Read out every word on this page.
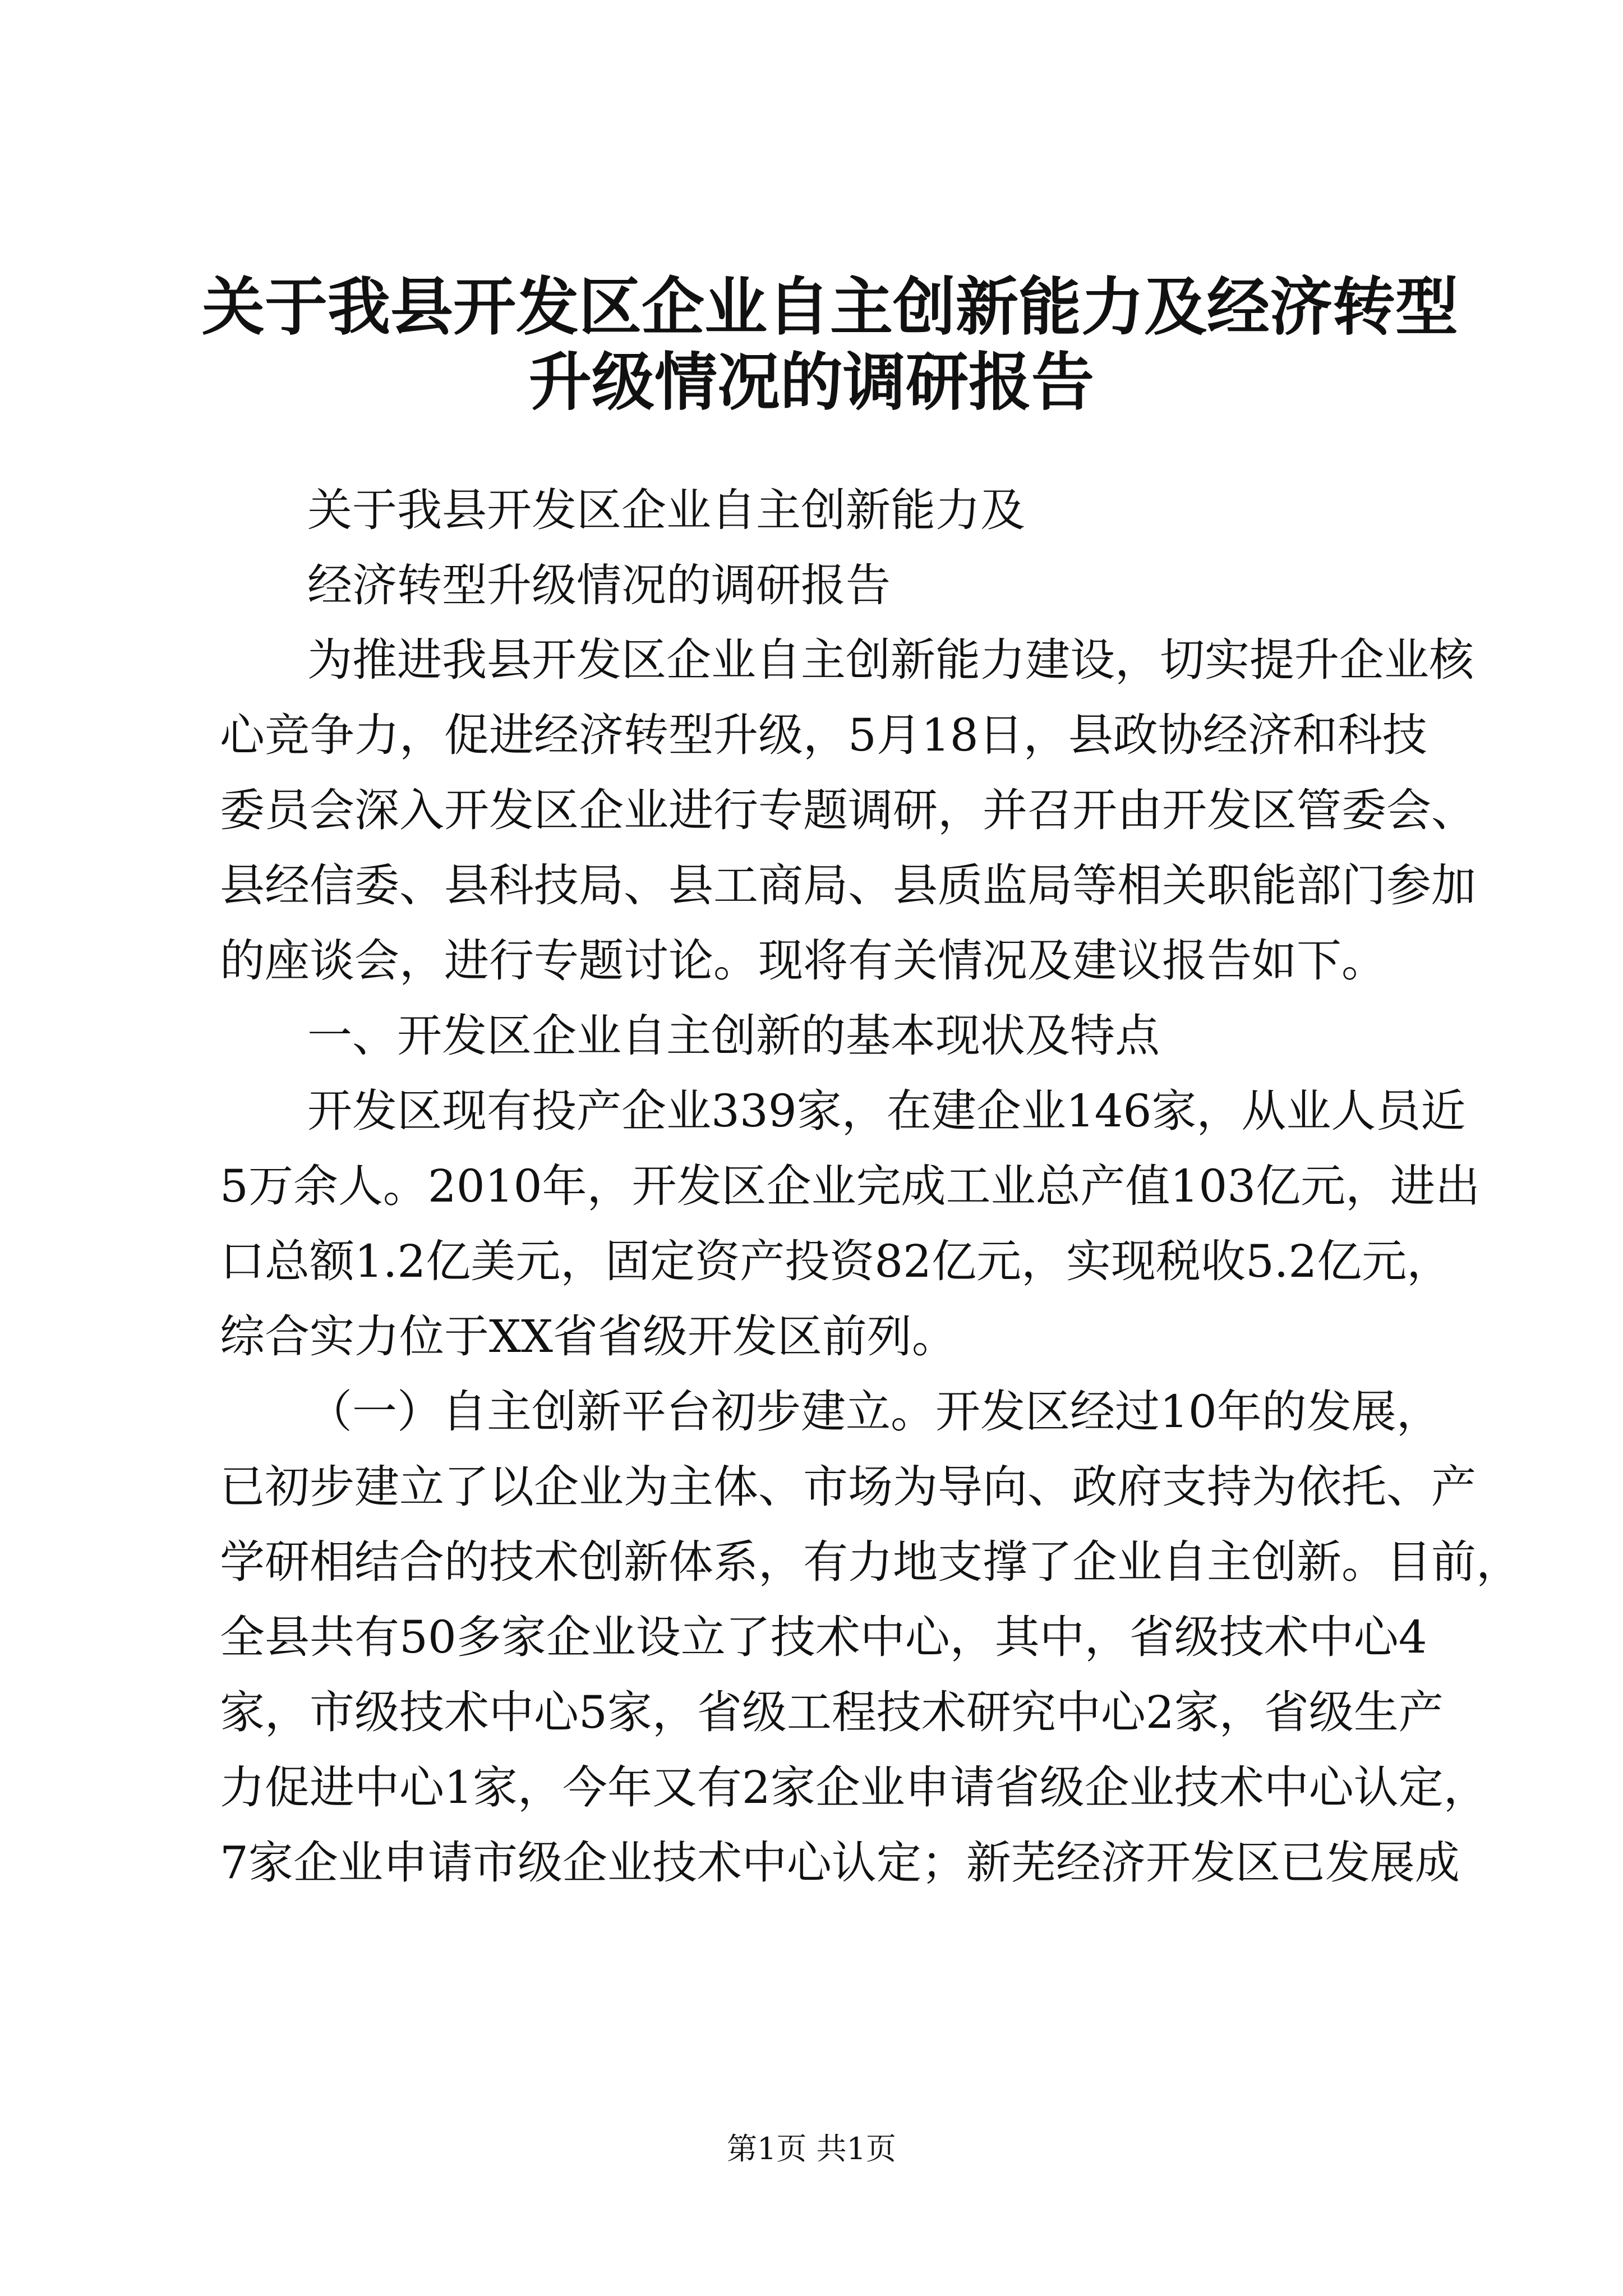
关于我县开发区企业自主创新能力及经济转型
升级情况的调研报告
关于我县开发区企业自主创新能力及
经济转型升级情况的调研报告
为推进我县开发区企业自主创新能力建设，切实提升企业核
心竞争力，促进经济转型升级，5月18日，县政协经济和科技
委员会深入开发区企业进行专题调研，并召开由开发区管委会、
县经信委、县科技局、县工商局、县质监局等相关职能部门参加
的座谈会，进行专题讨论。现将有关情况及建议报告如下。
一、开发区企业自主创新的基本现状及特点
开发区现有投产企业339家，在建企业146家，从业人员近
5万余人。2010年，开发区企业完成工业总产值103亿元，进出
口总额1.2亿美元，固定资产投资82亿元，实现税收5.2亿元，
综合实力位于XX省省级开发区前列。
（一）自主创新平台初步建立。开发区经过10年的发展，
已初步建立了以企业为主体、市场为导向、政府支持为依托、产
学研相结合的技术创新体系，有力地支撑了企业自主创新。目前，
全县共有50多家企业设立了技术中心，其中，省级技术中心4
家，市级技术中心5家，省级工程技术研究中心2家，省级生产
力促进中心1家，今年又有2家企业申请省级企业技术中心认定，
7家企业申请市级企业技术中心认定；新芜经济开发区已发展成
第1页 共1页
